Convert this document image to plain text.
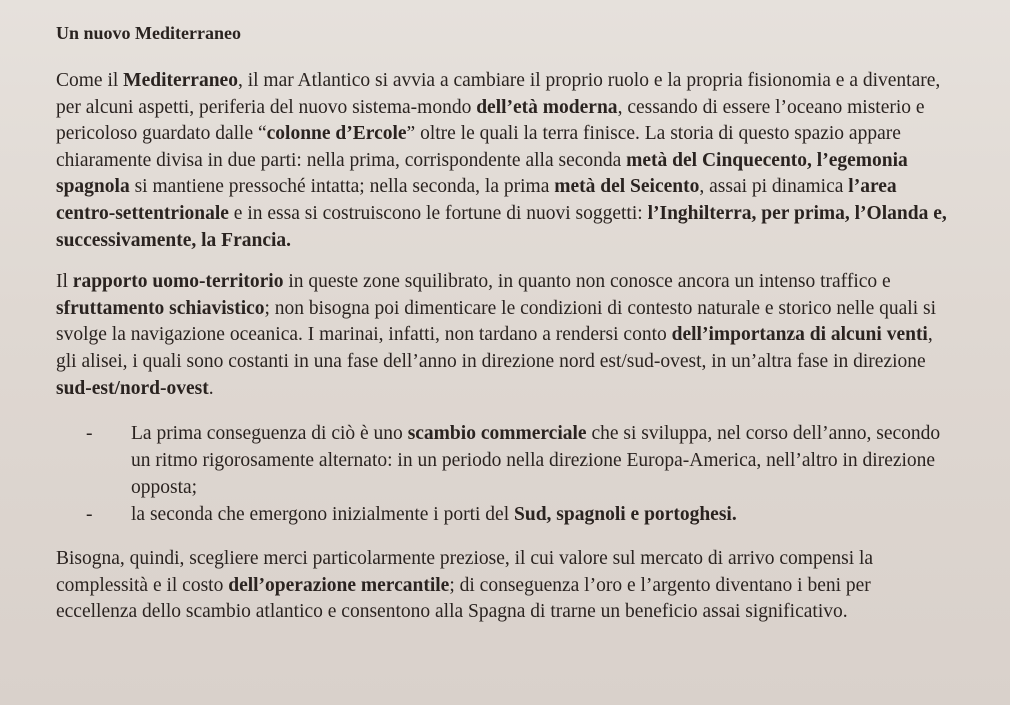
Un nuovo Mediterraneo

Come il Mediterraneo, il mar Atlantico si avvia a cambiare il proprio ruolo e la propria fisionomia e a diventare, per alcuni aspetti, periferia del nuovo sistema-mondo dell’età moderna, cessando di essere l’oceano misterio e pericoloso guardato dalle “colonne d’Ercole” oltre le quali la terra finisce. La storia di questo spazio appare chiaramente divisa in due parti: nella prima, corrispondente alla seconda metà del Cinquecento, l’egemonia spagnola si mantiene pressoché intatta; nella seconda, la prima metà del Seicento, assai pi dinamica l’area centro-settentrionale e in essa si costruiscono le fortune di nuovi soggetti: l’Inghilterra, per prima, l’Olanda e, successivamente, la Francia.

Il rapporto uomo-territorio in queste zone squilibrato, in quanto non conosce ancora un intenso traffico e sfruttamento schiavistico; non bisogna poi dimenticare le condizioni di contesto naturale e storico nelle quali si svolge la navigazione oceanica. I marinai, infatti, non tardano a rendersi conto dell’importanza di alcuni venti, gli alisei, i quali sono costanti in una fase dell’anno in direzione nord est/sud-ovest, in un’altra fase in direzione sud-est/nord-ovest.

- La prima conseguenza di ciò è uno scambio commerciale che si sviluppa, nel corso dell’anno, secondo un ritmo rigorosamente alternato: in un periodo nella direzione Europa-America, nell’altro in direzione opposta;
- la seconda che emergono inizialmente i porti del Sud, spagnoli e portoghesi.

Bisogna, quindi, scegliere merci particolarmente preziose, il cui valore sul mercato di arrivo compensi la complessità e il costo dell’operazione mercantile; di conseguenza l’oro e l’argento diventano i beni per eccellenza dello scambio atlantico e consentono alla Spagna di trarne un beneficio assai significativo.
